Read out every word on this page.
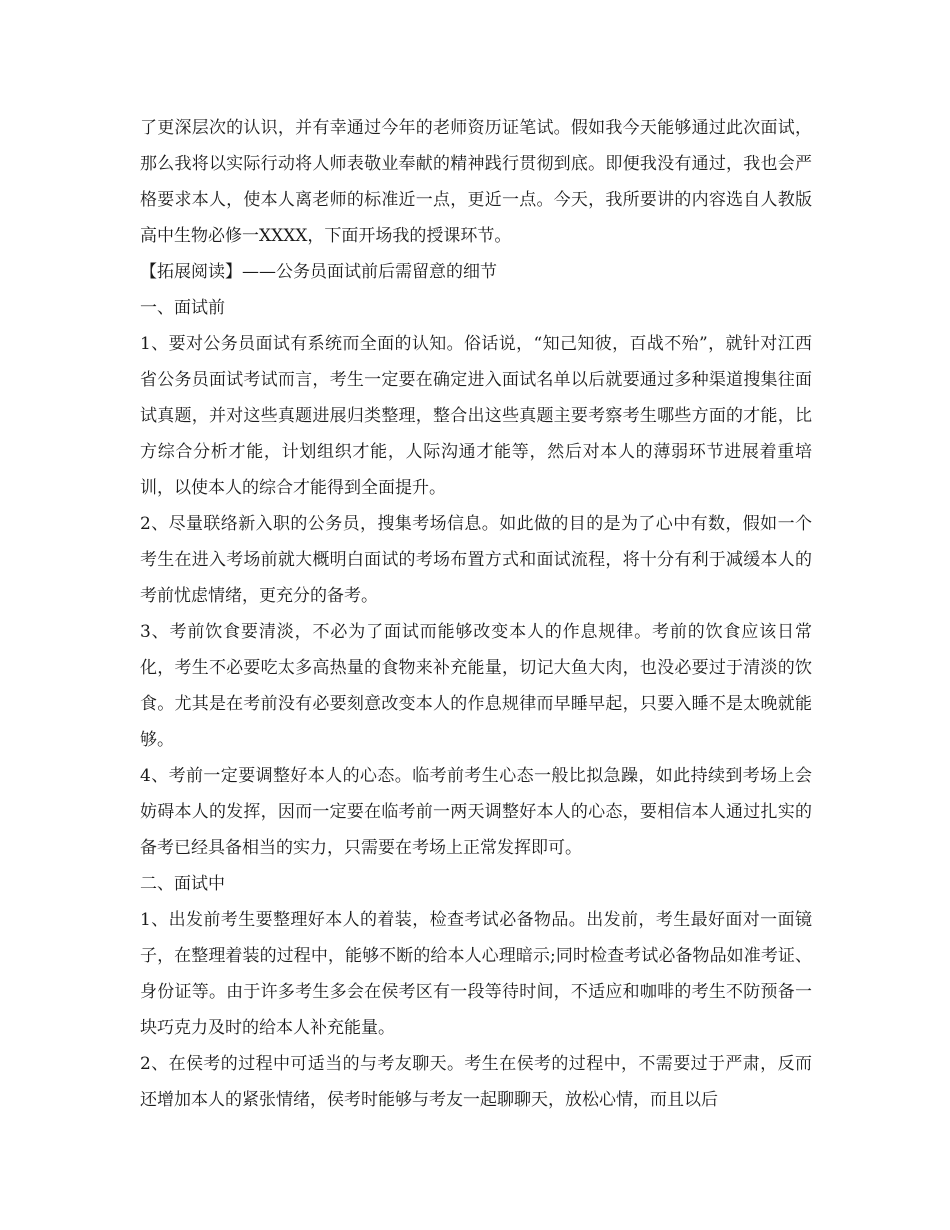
了更深层次的认识，并有幸通过今年的老师资历证笔试。假如我今天能够通过此次面试，那么我将以实际行动将人师表敬业奉献的精神践行贯彻到底。即便我没有通过，我也会严格要求本人，使本人离老师的标准近一点，更近一点。今天，我所要讲的内容选自人教版高中生物必修一XXXX，下面开场我的授课环节。

【拓展阅读】——公务员面试前后需留意的细节

一、面试前

1、要对公务员面试有系统而全面的认知。俗话说，“知己知彼，百战不殆”，就针对江西省公务员面试考试而言，考生一定要在确定进入面试名单以后就要通过多种渠道搜集往面试真题，并对这些真题进展归类整理，整合出这些真题主要考察考生哪些方面的才能，比方综合分析才能，计划组织才能，人际沟通才能等，然后对本人的薄弱环节进展着重培训，以使本人的综合才能得到全面提升。

2、尽量联络新入职的公务员，搜集考场信息。如此做的目的是为了心中有数，假如一个考生在进入考场前就大概明白面试的考场布置方式和面试流程，将十分有利于减缓本人的考前忧虑情绪，更充分的备考。

3、考前饮食要清淡，不必为了面试而能够改变本人的作息规律。考前的饮食应该日常化，考生不必要吃太多高热量的食物来补充能量，切记大鱼大肉，也没必要过于清淡的饮食。尤其是在考前没有必要刻意改变本人的作息规律而早睡早起，只要入睡不是太晚就能够。

4、考前一定要调整好本人的心态。临考前考生心态一般比拟急躁，如此持续到考场上会妨碍本人的发挥，因而一定要在临考前一两天调整好本人的心态，要相信本人通过扎实的备考已经具备相当的实力，只需要在考场上正常发挥即可。

二、面试中

1、出发前考生要整理好本人的着装，检查考试必备物品。出发前，考生最好面对一面镜子，在整理着装的过程中，能够不断的给本人心理暗示;同时检查考试必备物品如准考证、身份证等。由于许多考生多会在侯考区有一段等待时间，不适应和咖啡的考生不防预备一块巧克力及时的给本人补充能量。

2、在侯考的过程中可适当的与考友聊天。考生在侯考的过程中，不需要过于严肃，反而还增加本人的紧张情绪，侯考时能够与考友一起聊聊天，放松心情，而且以后
